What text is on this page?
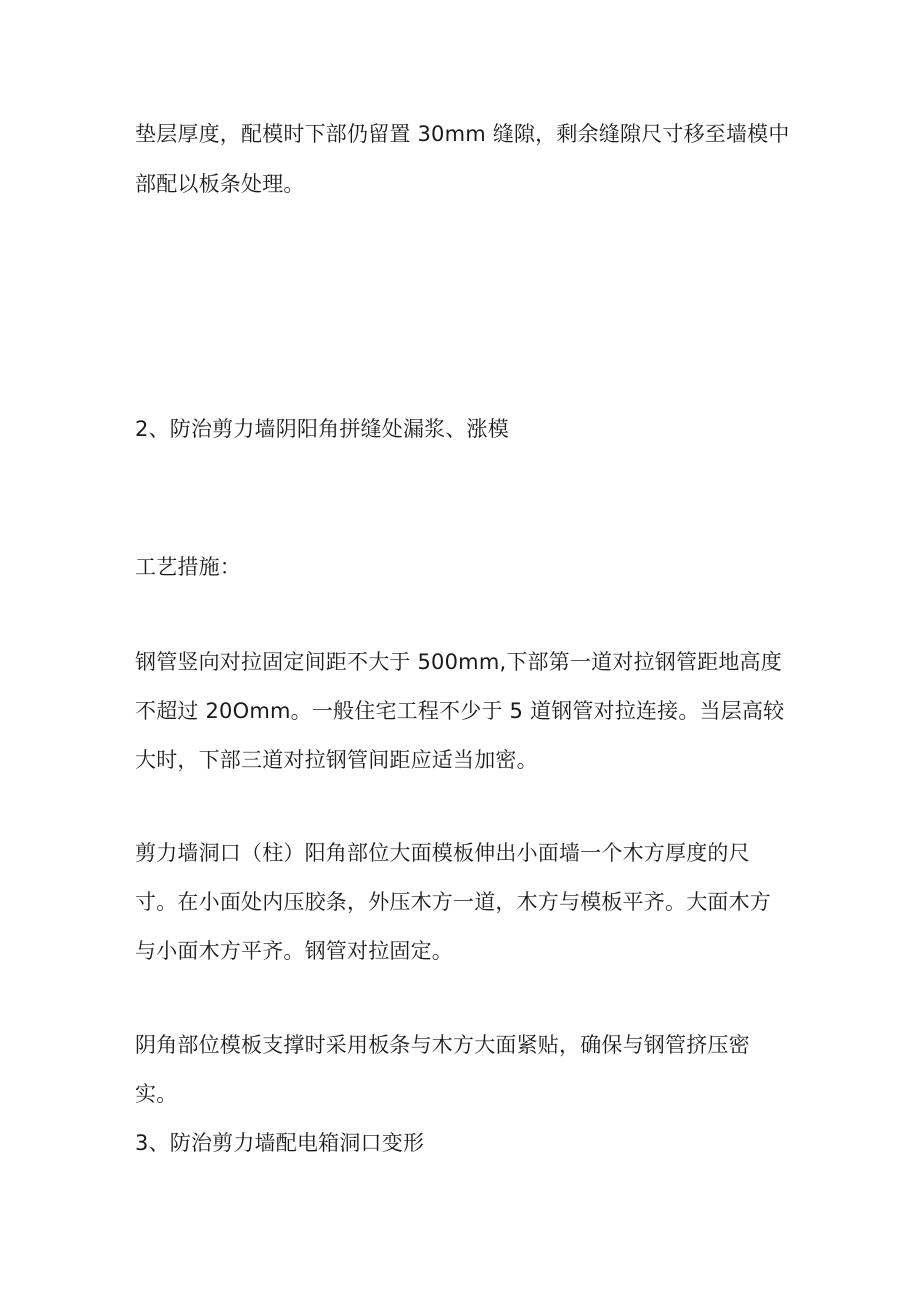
垫层厚度，配模时下部仍留置 30mm 缝隙，剩余缝隙尺寸移至墙模中
部配以板条处理。
2、防治剪力墙阴阳角拼缝处漏浆、涨模
工艺措施：
钢管竖向对拉固定间距不大于 500mm,下部第一道对拉钢管距地高度
不超过 20Omm。一般住宅工程不少于 5 道钢管对拉连接。当层高较
大时，下部三道对拉钢管间距应适当加密。
剪力墙洞口（柱）阳角部位大面模板伸出小面墙一个木方厚度的尺
寸。在小面处内压胶条，外压木方一道，木方与模板平齐。大面木方
与小面木方平齐。钢管对拉固定。
阴角部位模板支撑时采用板条与木方大面紧贴，确保与钢管挤压密
实。
3、防治剪力墙配电箱洞口变形
